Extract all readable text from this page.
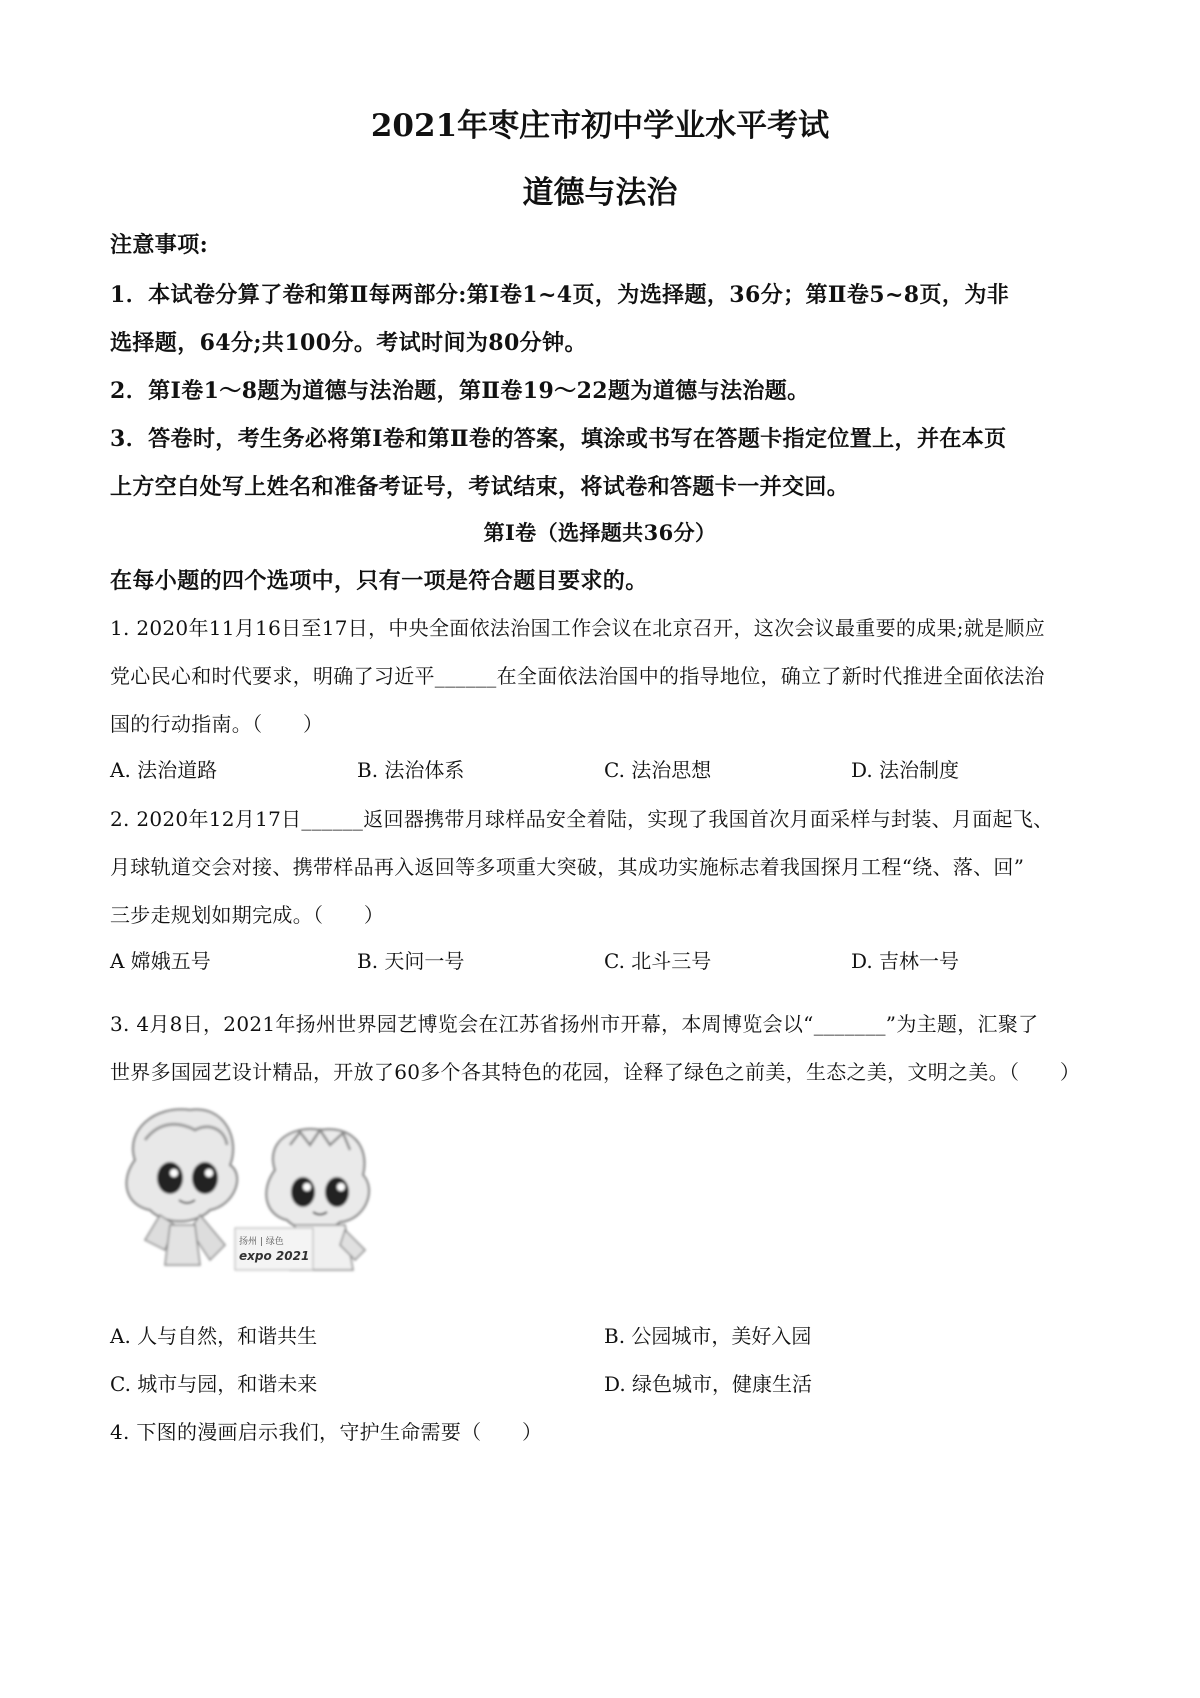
2021年枣庄市初中学业水平考试
道德与法治
注意事项:
1．本试卷分算了卷和第Ⅱ每两部分:第Ⅰ卷1~4页，为选择题，36分；第Ⅱ卷5~8页，为非
选择题，64分;共100分。考试时间为80分钟。
2．第I卷1～8题为道德与法治题，第Ⅱ卷19～22题为道德与法治题。
3．答卷时，考生务必将第Ⅰ卷和第Ⅱ卷的答案，填涂或书写在答题卡指定位置上，并在本页
上方空白处写上姓名和准备考证号，考试结束，将试卷和答题卡一并交回。
第I卷（选择题共36分）
在每小题的四个选项中，只有一项是符合题目要求的。
1. 2020年11月16日至17日，中央全面依法治国工作会议在北京召开，这次会议最重要的成果;就是顺应
党心民心和时代要求，明确了习近平______在全面依法治国中的指导地位，确立了新时代推进全面依法治
国的行动指南。（　　）
A. 法治道路	B. 法治体系	C. 法治思想	D. 法治制度
2. 2020年12月17日______返回器携带月球样品安全着陆，实现了我国首次月面采样与封装、月面起飞、
月球轨道交会对接、携带样品再入返回等多项重大突破，其成功实施标志着我国探月工程“绕、落、回”
三步走规划如期完成。（　　）
A 嫦娥五号	B. 天问一号	C. 北斗三号	D. 吉林一号
3. 4月8日，2021年扬州世界园艺博览会在江苏省扬州市开幕，本周博览会以“_______”为主题，汇聚了
世界多国园艺设计精品，开放了60多个各其特色的花园，诠释了绿色之前美，生态之美，文明之美。（　　）
扬州 | 绿色
expo 2021
A. 人与自然，和谐共生	B. 公园城市，美好入园
C. 城市与园，和谐未来	D. 绿色城市，健康生活
4. 下图的漫画启示我们，守护生命需要（　　）
